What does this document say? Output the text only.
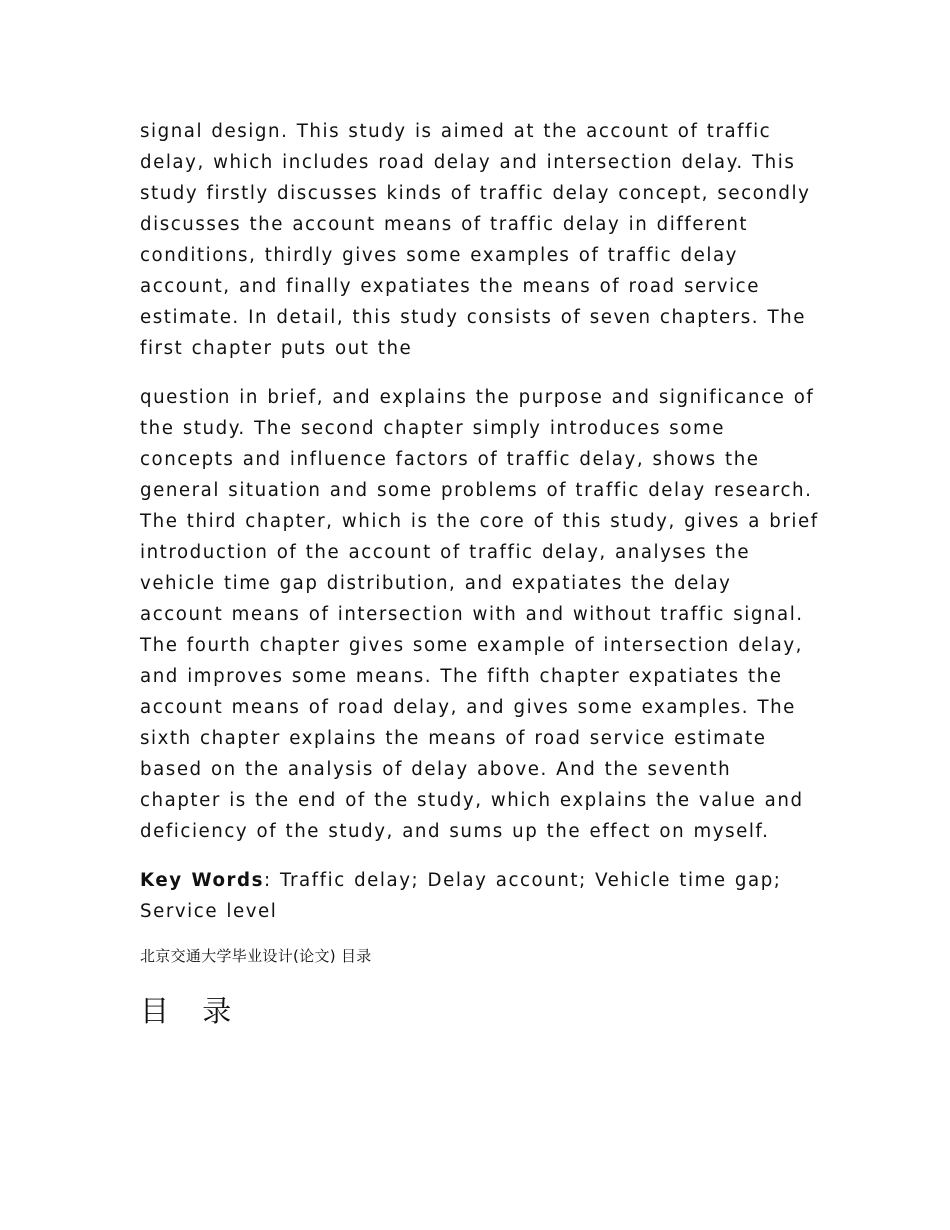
signal design. This study is aimed at the account of traffic delay, which includes road delay and intersection delay. This study firstly discusses kinds of traffic delay concept, secondly discusses the account means of traffic delay in different conditions, thirdly gives some examples of traffic delay account, and finally expatiates the means of road service estimate. In detail, this study consists of seven chapters. The first chapter puts out the

question in brief, and explains the purpose and significance of the study. The second chapter simply introduces some concepts and influence factors of traffic delay, shows the general situation and some problems of traffic delay research. The third chapter, which is the core of this study, gives a brief introduction of the account of traffic delay, analyses the vehicle time gap distribution, and expatiates the delay account means of intersection with and without traffic signal. The fourth chapter gives some example of intersection delay, and improves some means. The fifth chapter expatiates the account means of road delay, and gives some examples. The sixth chapter explains the means of road service estimate based on the analysis of delay above. And the seventh chapter is the end of the study, which explains the value and deficiency of the study, and sums up the effect on myself.

Key Words: Traffic delay; Delay account; Vehicle time gap; Service level
北京交通大学毕业设计(论文) 目录
目 录
